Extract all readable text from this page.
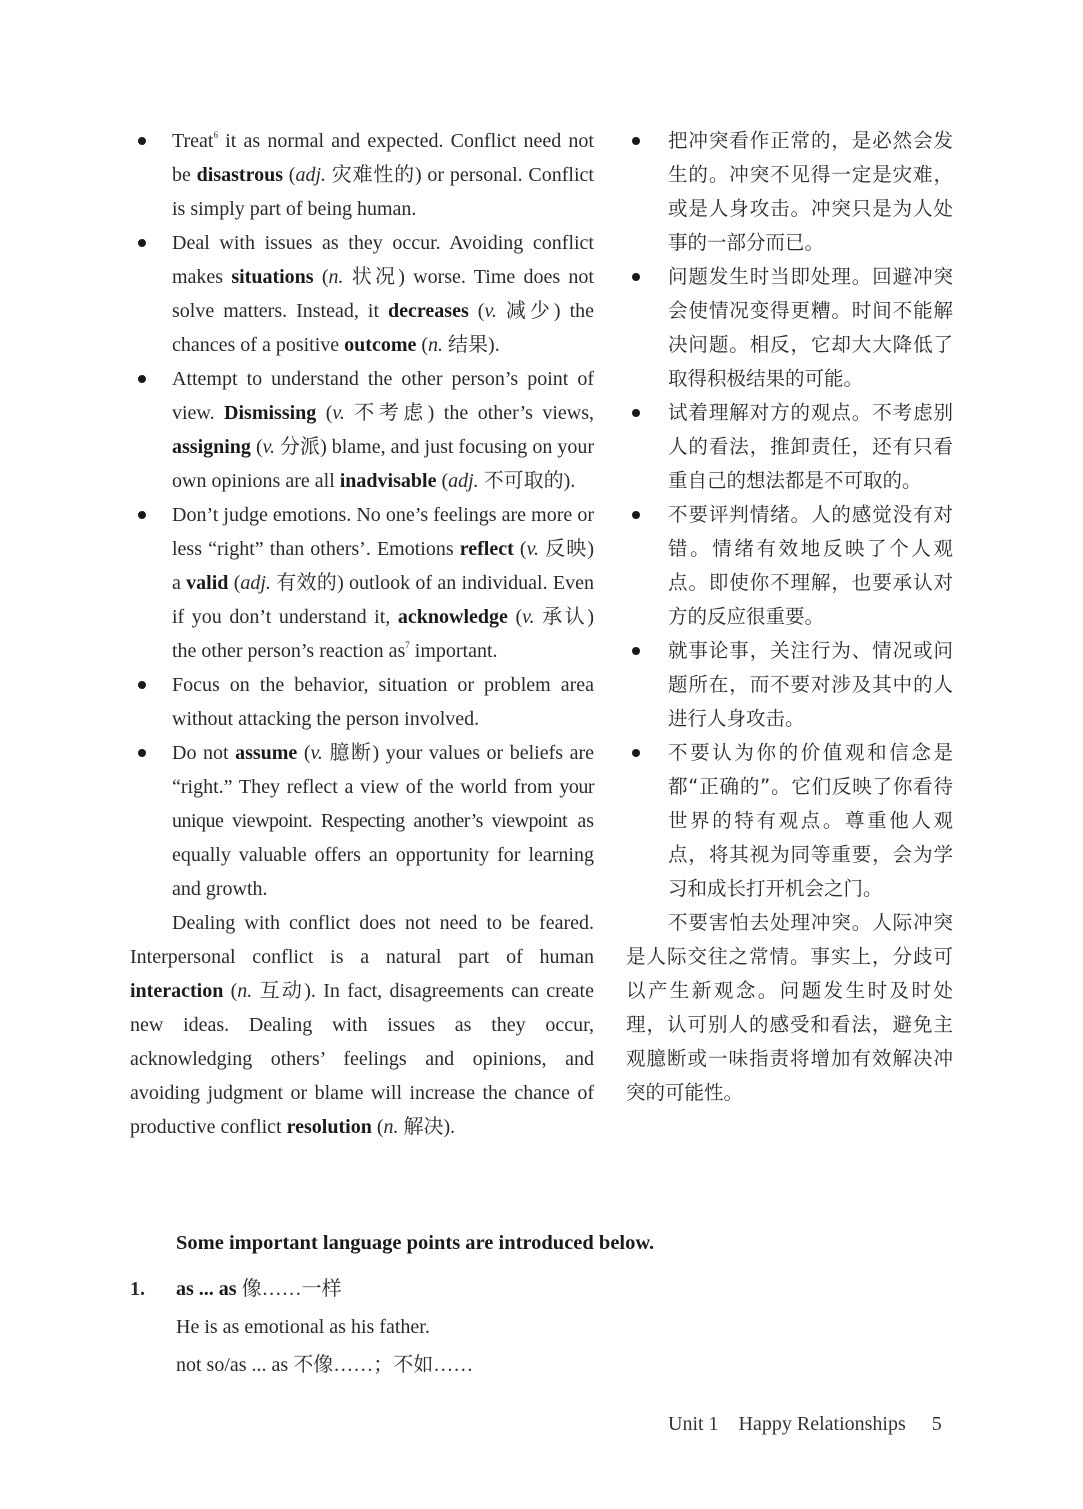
Treat$^6$ it as normal and expected. Conflict need not be disastrous (adj. 灾难性的) or personal. Conflict is simply part of being human.
Deal with issues as they occur. Avoiding conflict makes situations (n. 状况) worse. Time does not solve matters. Instead, it decreases (v. 减少) the chances of a positive outcome (n. 结果).
Attempt to understand the other person’s point of view. Dismissing (v. 不考虑) the other’s views, assigning (v. 分派) blame, and just focusing on your own opinions are all inadvisable (adj. 不可取的).
Don’t judge emotions. No one’s feelings are more or less “right” than others’. Emotions reflect (v. 反映) a valid (adj. 有效的) outlook of an individual. Even if you don’t understand it, acknowledge (v. 承认) the other person’s reaction $as^7$ important.
Focus on the behavior, situation or problem area without attacking the person involved.
Do not assume (v. 臆断) your values or beliefs are “right.” They reflect a view of the world from your unique viewpoint. Respecting another’s viewpoint as equally valuable offers an opportunity for learning and growth.

Dealing with conflict does not need to be feared. Interpersonal conflict is a natural part of human interaction (n. 互动). In fact, disagreements can create new ideas. Dealing with issues as they occur, acknowledging others’ feelings and opinions, and avoiding judgment or blame will increase the chance of productive conflict resolution (n. 解决).

把冲突看作正常的，是必然会发生的。冲突不见得一定是灾难，或是人身攻击。冲突只是为人处事的一部分而已。
问题发生时当即处理。回避冲突会使情况变得更糟。时间不能解决问题。相反，它却大大降低了取得积极结果的可能。
试着理解对方的观点。不考虑别人的看法，推卸责任，还有只看重自己的想法都是不可取的。
不要评判情绪。人的感觉没有对错。情绪有效地反映了个人观点。即使你不理解，也要承认对方的反应很重要。
就事论事，关注行为、情况或问题所在，而不要对涉及其中的人进行人身攻击。
不要认为你的价值观和信念是都“正确的”。它们反映了你看待世界的特有观点。尊重他人观点，将其视为同等重要，会为学习和成长打开机会之门。

不要害怕去处理冲突。人际冲突是人际交往之常情。事实上，分歧可以产生新观念。问题发生时及时处理，认可别人的感受和看法，避免主观臆断或一味指责将增加有效解决冲突的可能性。

Some important language points are introduced below.
1. as ... as 像……一样
He is as emotional as his father.
not so/as ... as 不像……；不如……
Unit 1    Happy Relationships 5
